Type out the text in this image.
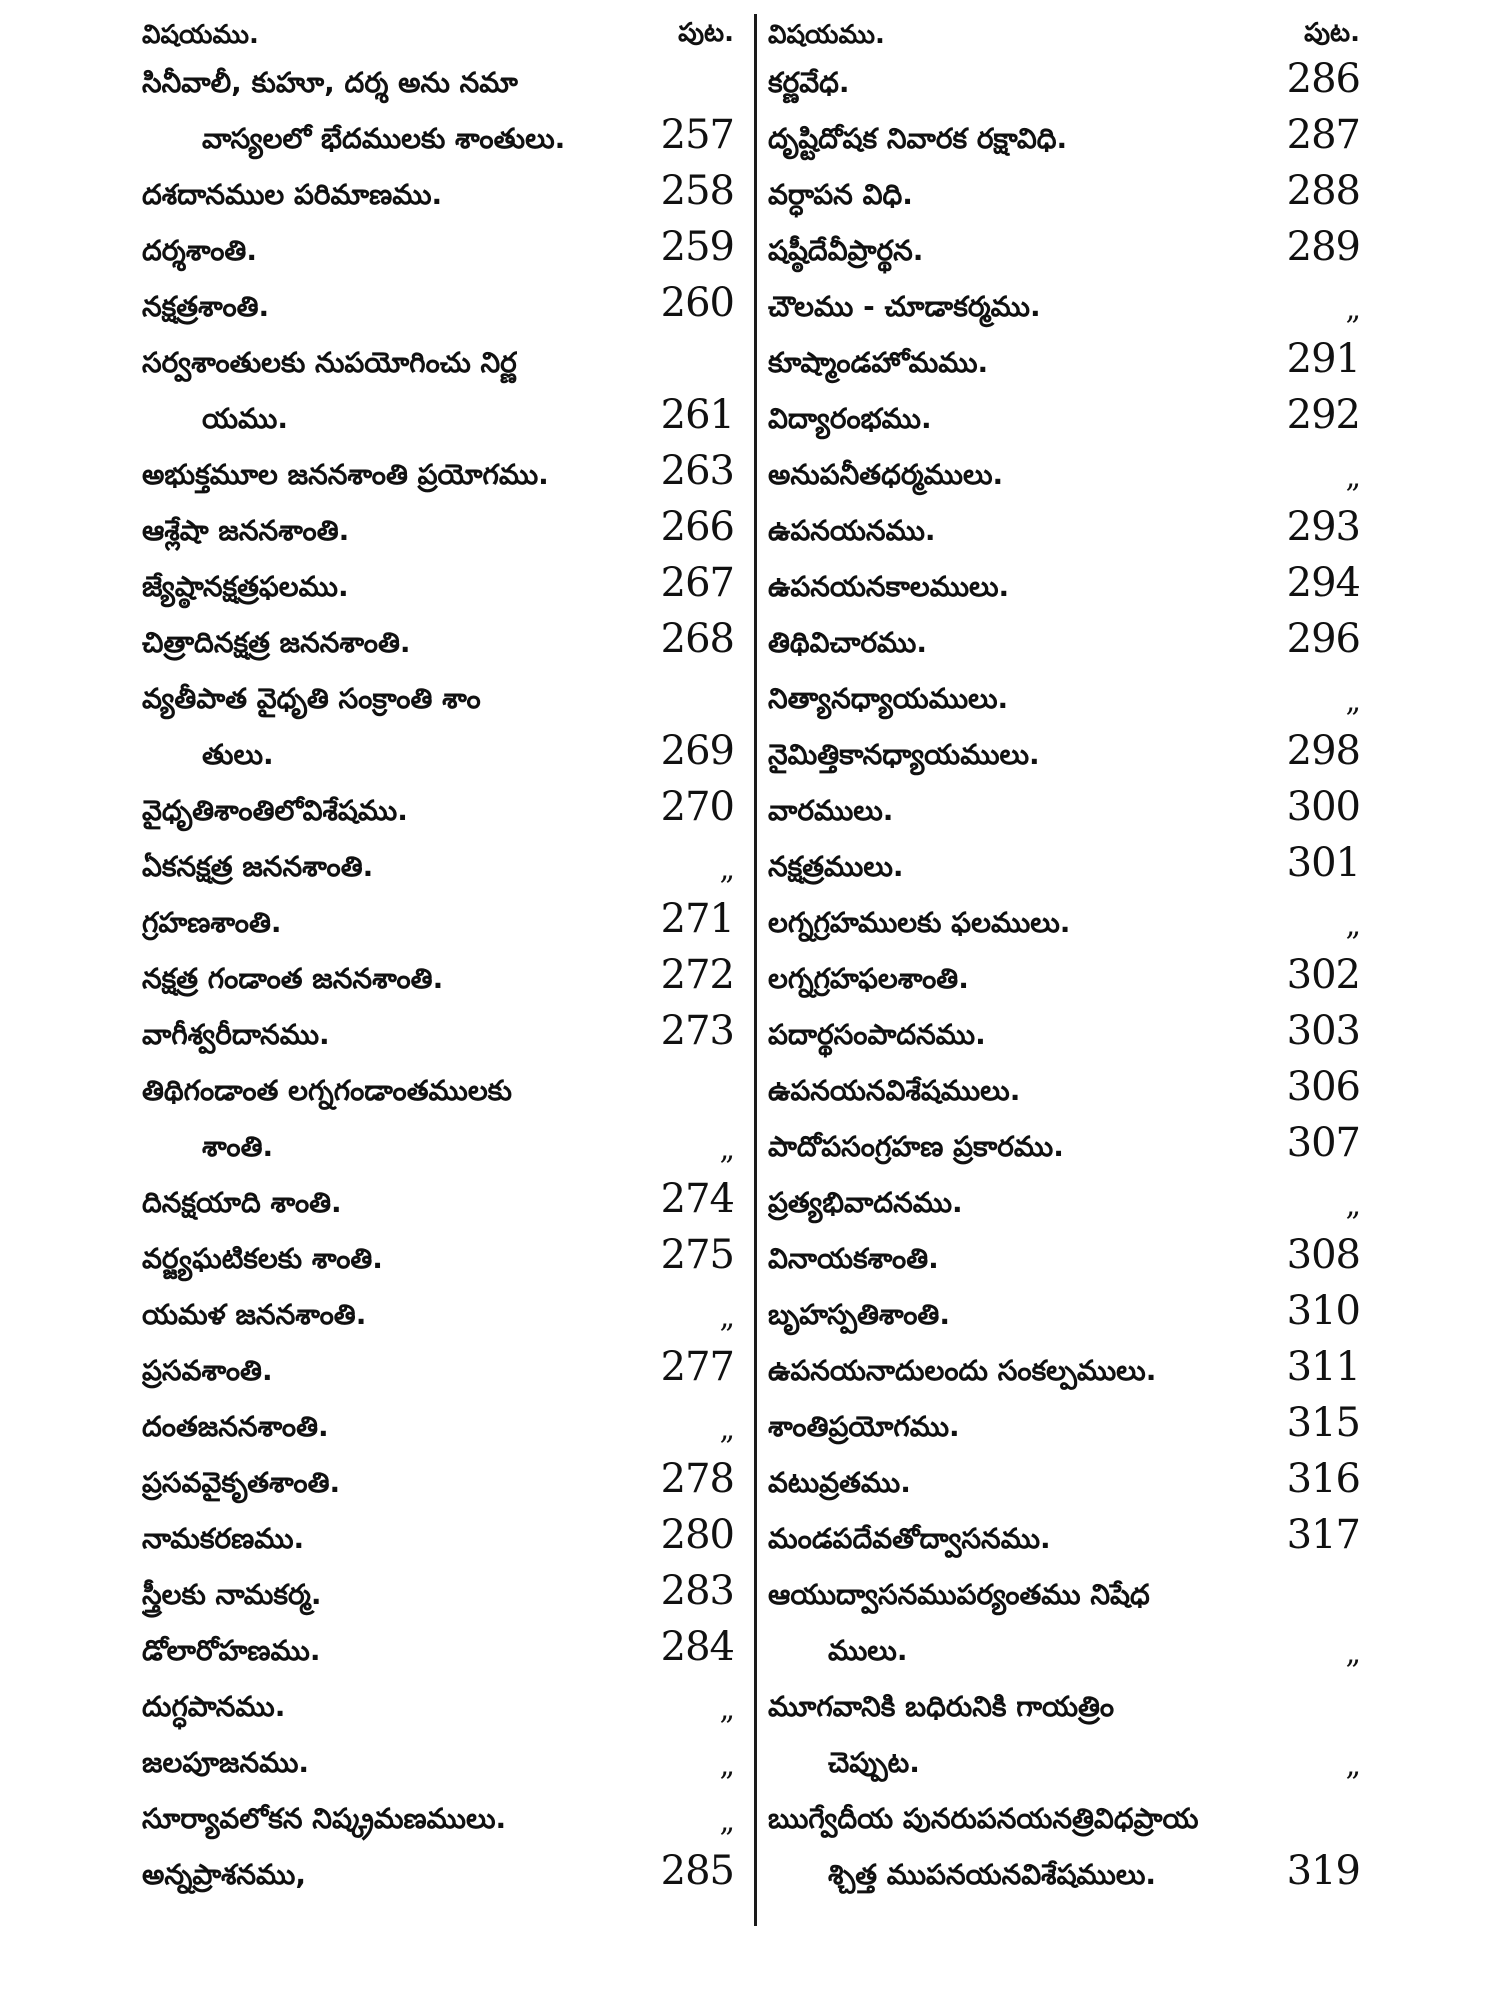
విషయము.	పుట.
సినీవాలీ, కుహూ, దర్శ అను నమా
వాస్యలలో భేదములకు శాంతులు. 257
దశదానముల పరిమాణము.	258
దర్శశాంతి.	259
నక్షత్రశాంతి.	260
సర్వశాంతులకు నుపయోగించు నిర్ణ
యము.	261
అభుక్తమూల జననశాంతి ప్రయోగము.	263
ఆశ్లేషా జననశాంతి.	266
జ్యేష్ఠానక్షత్రఫలము.	267
చిత్రాదినక్షత్ర జననశాంతి.	268
వ్యతీపాత వైధృతి సంక్రాంతి శాం
తులు.	269
వైధృతిశాంతిలోవిశేషము.	270
ఏకనక్షత్ర జననశాంతి.	„
గ్రహణశాంతి.	271
నక్షత్ర గండాంత జననశాంతి.	272
వాగీశ్వరీదానము.	273
తిథిగండాంత లగ్నగండాంతములకు
శాంతి.	„
దినక్షయాది శాంతి.	274
వర్జ్యఘటికలకు శాంతి.	275
యమళ జననశాంతి.	„
ప్రసవశాంతి.	277
దంతజననశాంతి.	„
ప్రసవవైకృతశాంతి.	278
నామకరణము.	280
స్త్రీలకు నామకర్మ.	283
డోలారోహణము.	284
దుగ్ధపానము.	„
జలపూజనము.	„
సూర్యావలోకన నిష్క్రమణములు.	„
అన్నప్రాశనము,	285
విషయము.	పుట.
కర్ణవేధ.	286
దృష్టిదోషక నివారక రక్షావిధి.	287
వర్ధాపన విధి.	288
షష్ఠీదేవీప్రార్థన.	289
చౌలము - చూడాకర్మము.	„
కూష్మాండహోమము.	291
విద్యారంభము.	292
అనుపనీతధర్మములు.	„
ఉపనయనము.	293
ఉపనయనకాలములు.	294
తిథివిచారము.	296
నిత్యానధ్యాయములు.	„
నైమిత్తికానధ్యాయములు.	298
వారములు.	300
నక్షత్రములు.	301
లగ్నగ్రహములకు ఫలములు.	„
లగ్నగ్రహఫలశాంతి.	302
పదార్థసంపాదనము.	303
ఉపనయనవిశేషములు.	306
పాదోపసంగ్రహణ ప్రకారము.	307
ప్రత్యభివాదనము.	„
వినాయకశాంతి.	308
బృహస్పతిశాంతి.	310
ఉపనయనాదులందు సంకల్పములు.	311
శాంతిప్రయోగము.	315
వటువ్రతము.	316
మండపదేవతోద్వాసనము.	317
ఆయుద్వాసనముపర్యంతము నిషేధ
ములు.	„
మూగవానికి బధిరునికి గాయత్రిం
చెప్పుట.	„
ఋగ్వేదీయ పునరుపనయనత్రివిధప్రాయ
శ్చిత్త ముపనయనవిశేషములు.	319
